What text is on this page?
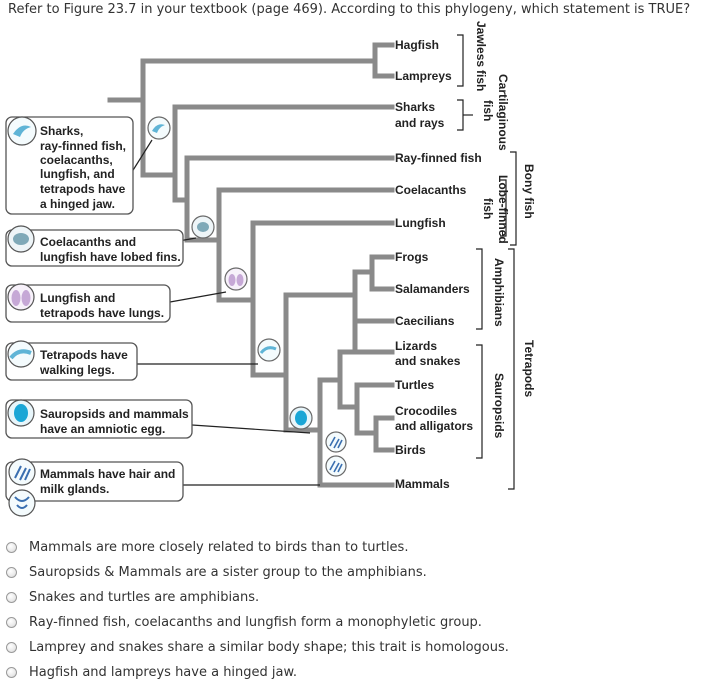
Refer to Figure 23.7 in your textbook (page 469). According to this phylogeny, which statement is TRUE?
Hagfish
Lampreys
Sharks
and rays
Ray-finned fish
Coelacanths
Lungfish
Frogs
Salamanders
Caecilians
Lizards
and snakes
Turtles
Crocodiles
and alligators
Birds
Mammals
Jawless
fish Cartilaginous
fish
Lobe-finned
fish Bony fish
Amphibians
Sauropsids
Tetrapods
Sharks,
ray-finned fish,
coelacanths,
lungfish, and
tetrapods have
a hinged jaw.
Coelacanths and
lungfish have lobed fins.
Lungfish and
tetrapods have lungs.
Tetrapods have
walking legs.
Sauropsids and mammals
have an amniotic egg.
Mammals have hair and
milk glands.
Mammals are more closely related to birds than to turtles.
Sauropsids & Mammals are a sister group to the amphibians.
Snakes and turtles are amphibians.
Ray-finned fish, coelacanths and lungfish form a monophyletic group.
Lamprey and snakes share a similar body shape; this trait is homologous.
Hagfish and lampreys have a hinged jaw.
